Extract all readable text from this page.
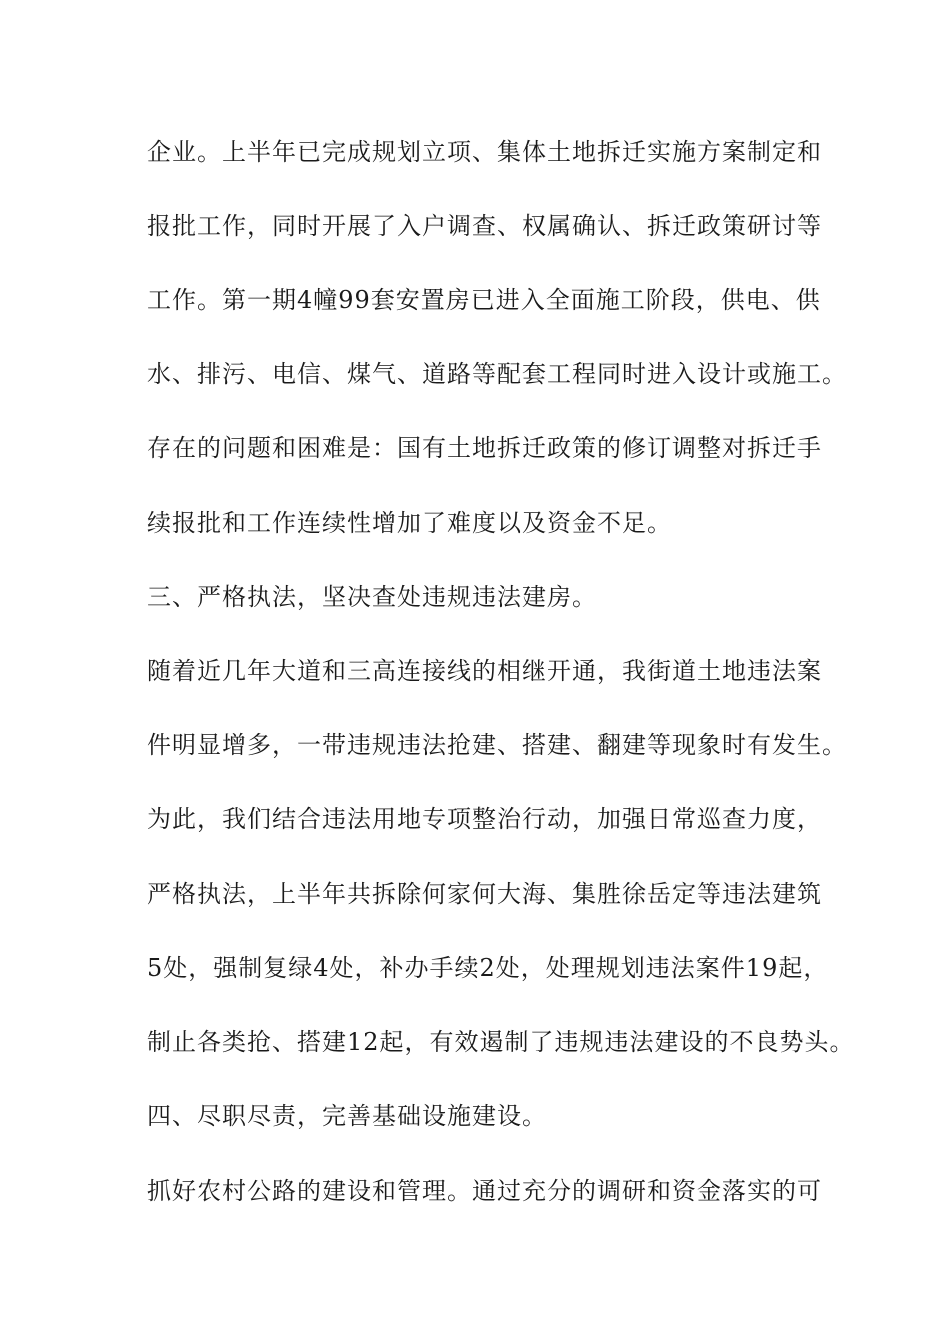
企业。上半年已完成规划立项、集体土地拆迁实施方案制定和
报批工作，同时开展了入户调查、权属确认、拆迁政策研讨等
工作。第一期4幢99套安置房已进入全面施工阶段，供电、供
水、排污、电信、煤气、道路等配套工程同时进入设计或施工。
存在的问题和困难是：国有土地拆迁政策的修订调整对拆迁手
续报批和工作连续性增加了难度以及资金不足。
三、严格执法，坚决查处违规违法建房。
随着近几年大道和三高连接线的相继开通，我街道土地违法案
件明显增多，一带违规违法抢建、搭建、翻建等现象时有发生。
为此，我们结合违法用地专项整治行动，加强日常巡查力度，
严格执法，上半年共拆除何家何大海、集胜徐岳定等违法建筑
5处，强制复绿4处，补办手续2处，处理规划违法案件19起，
制止各类抢、搭建12起，有效遏制了违规违法建设的不良势头。
四、尽职尽责，完善基础设施建设。
抓好农村公路的建设和管理。通过充分的调研和资金落实的可
